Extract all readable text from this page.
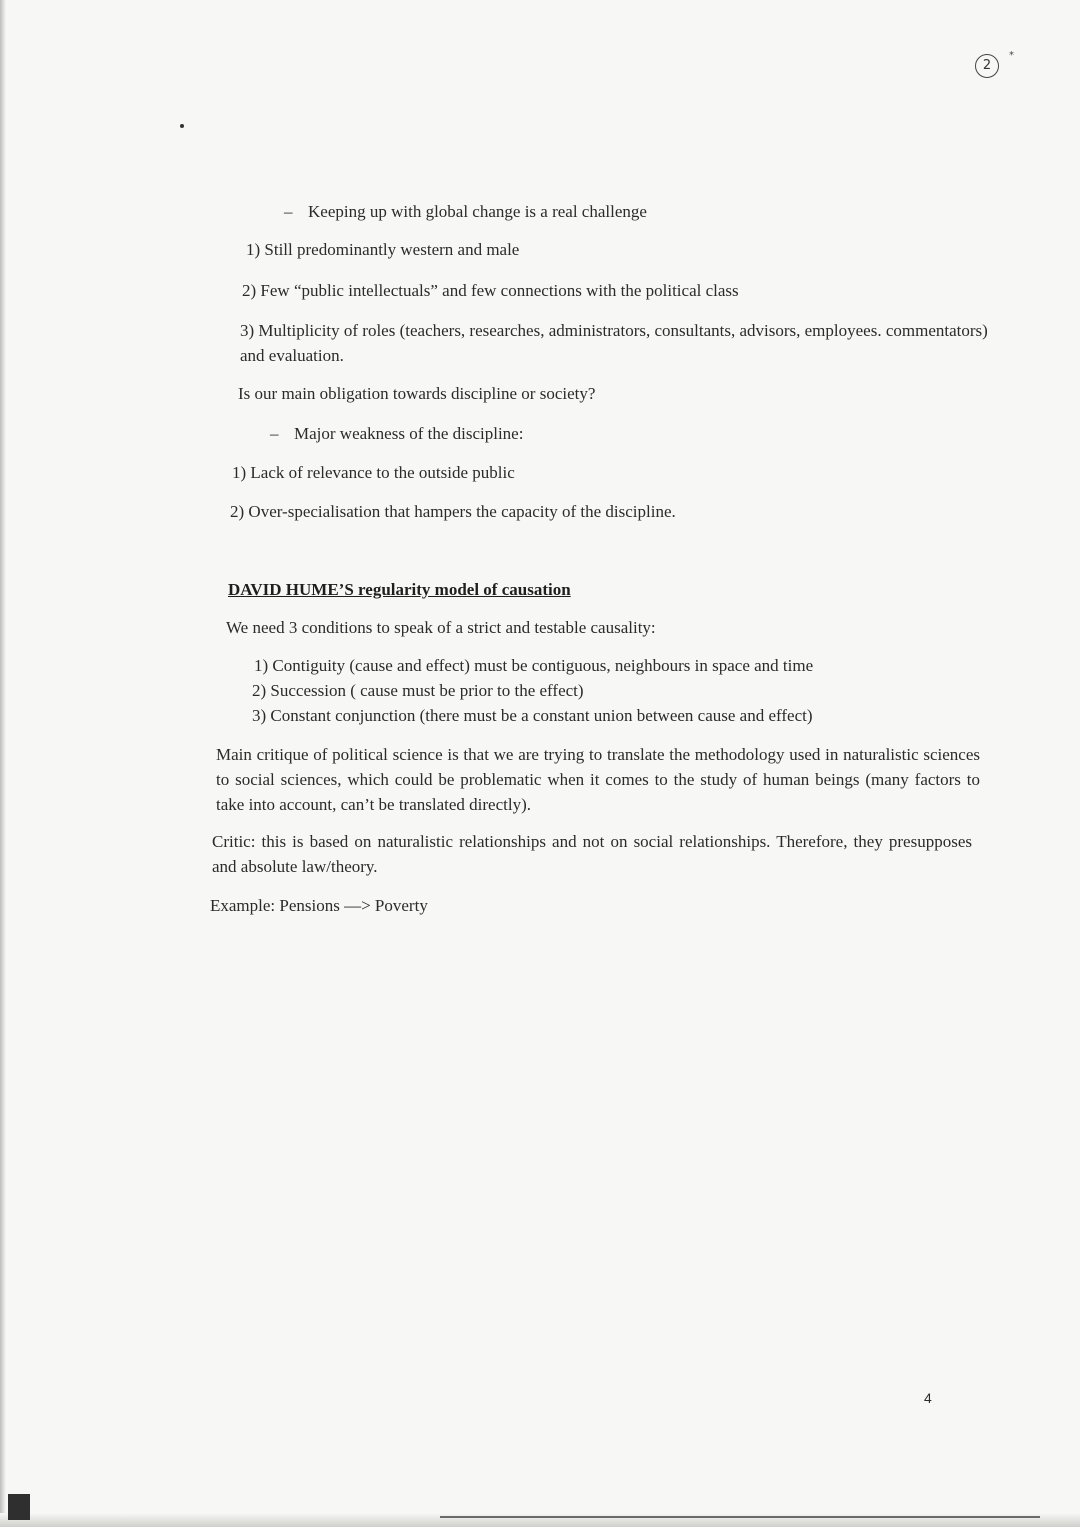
2
*
– Keeping up with global change is a real challenge
1) Still predominantly western and male
2) Few “public intellectuals” and few connections with the political class
3) Multiplicity of roles (teachers, researches, administrators, consultants, advisors, employees. commentators) and evaluation.
Is our main obligation towards discipline or society?
– Major weakness of the discipline:
1) Lack of relevance to the outside public
2) Over-specialisation that hampers the capacity of the discipline.
DAVID HUME’S regularity model of causation
We need 3 conditions to speak of a strict and testable causality:
1) Contiguity (cause and effect) must be contiguous, neighbours in space and time
2) Succession ( cause must be prior to the effect)
3) Constant conjunction (there must be a constant union between cause and effect)
Main critique of political science is that we are trying to translate the methodology used in naturalistic sciences to social sciences, which could be problematic when it comes to the study of human beings (many factors to take into account, can’t be translated directly).
Critic: this is based on naturalistic relationships and not on social relationships. Therefore, they presupposes and absolute law/theory.
Example: Pensions —> Poverty
4
